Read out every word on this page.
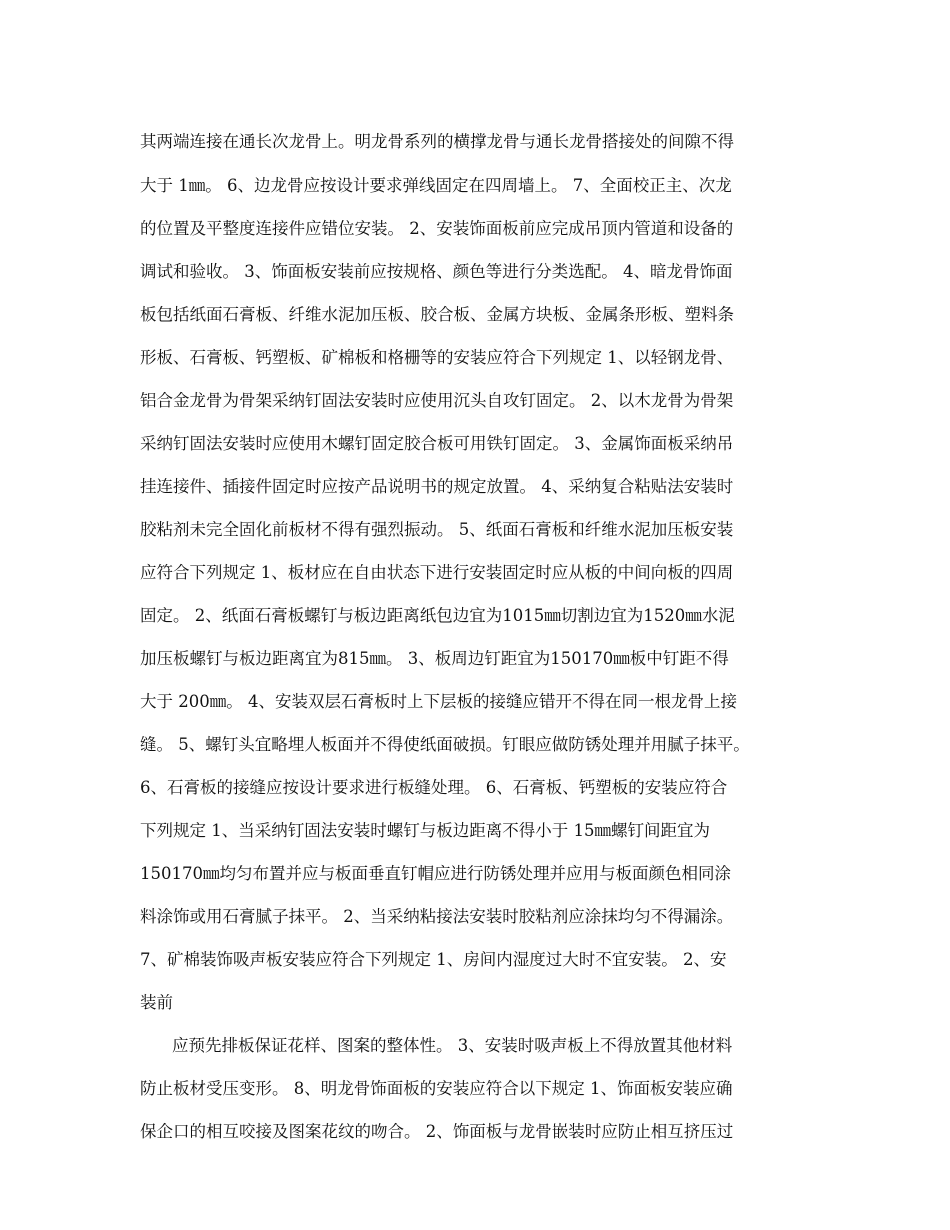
其两端连接在通长次龙骨上。明龙骨系列的横撑龙骨与通长龙骨搭接处的间隙不得
大于 1㎜。 6、边龙骨应按设计要求弹线固定在四周墙上。 7、全面校正主、次龙
的位置及平整度连接件应错位安装。 2、安装饰面板前应完成吊顶内管道和设备的
调试和验收。 3、饰面板安装前应按规格、颜色等进行分类选配。 4、暗龙骨饰面
板包括纸面石膏板、纤维水泥加压板、胶合板、金属方块板、金属条形板、塑料条
形板、石膏板、钙塑板、矿棉板和格栅等的安装应符合下列规定 1、以轻钢龙骨、
铝合金龙骨为骨架采纳钉固法安装时应使用沉头自攻钉固定。 2、以木龙骨为骨架
采纳钉固法安装时应使用木螺钉固定胶合板可用铁钉固定。 3、金属饰面板采纳吊
挂连接件、插接件固定时应按产品说明书的规定放置。 4、采纳复合粘贴法安装时
胶粘剂未完全固化前板材不得有强烈振动。 5、纸面石膏板和纤维水泥加压板安装
应符合下列规定 1、板材应在自由状态下进行安装固定时应从板的中间向板的四周
固定。 2、纸面石膏板螺钉与板边距离纸包边宜为1015㎜切割边宜为1520㎜水泥
加压板螺钉与板边距离宜为815㎜。 3、板周边钉距宜为150170㎜板中钉距不得
大于 200㎜。 4、安装双层石膏板时上下层板的接缝应错开不得在同一根龙骨上接
缝。 5、螺钉头宜略埋人板面并不得使纸面破损。钉眼应做防锈处理并用腻子抹平。
6、石膏板的接缝应按设计要求进行板缝处理。 6、石膏板、钙塑板的安装应符合
下列规定 1、当采纳钉固法安装时螺钉与板边距离不得小于 15㎜螺钉间距宜为
150170㎜均匀布置并应与板面垂直钉帽应进行防锈处理并应用与板面颜色相同涂
料涂饰或用石膏腻子抹平。 2、当采纳粘接法安装时胶粘剂应涂抹均匀不得漏涂。
7、矿棉装饰吸声板安装应符合下列规定 1、房间内湿度过大时不宜安装。 2、安
装前
应预先排板保证花样、图案的整体性。 3、安装时吸声板上不得放置其他材料
防止板材受压变形。 8、明龙骨饰面板的安装应符合以下规定 1、饰面板安装应确
保企口的相互咬接及图案花纹的吻合。 2、饰面板与龙骨嵌装时应防止相互挤压过
